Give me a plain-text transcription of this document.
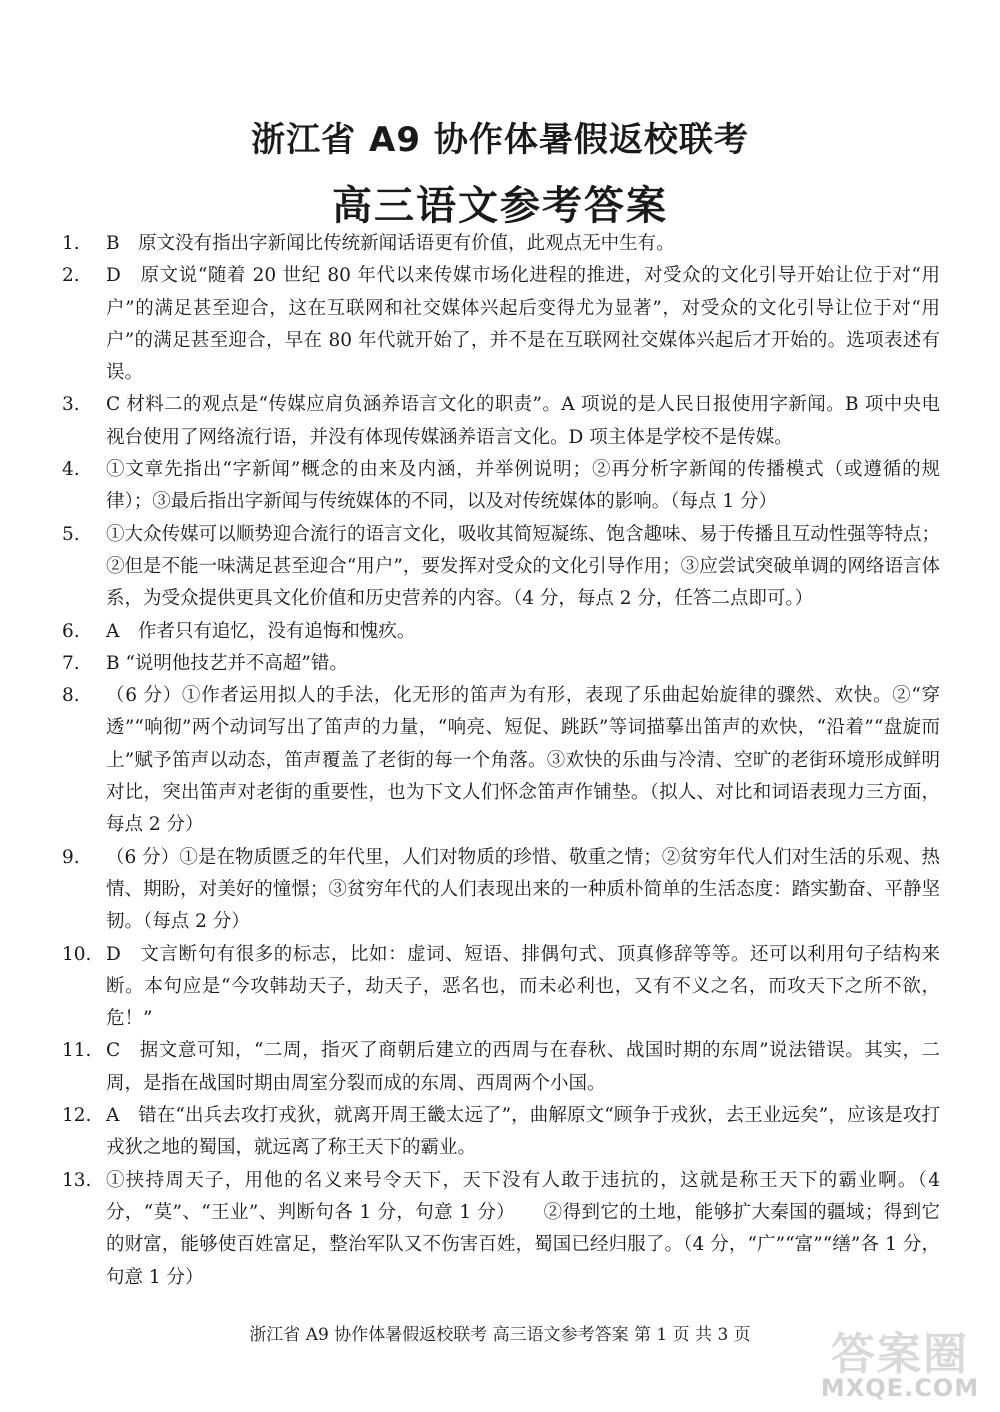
浙江省 A9 协作体暑假返校联考
高三语文参考答案
1.	B　原文没有指出字新闻比传统新闻话语更有价值，此观点无中生有。
2.	D　原文说“随着 20 世纪 80 年代以来传媒市场化进程的推进，对受众的文化引导开始让位于对“用户”的满足甚至迎合，这在互联网和社交媒体兴起后变得尤为显著”，对受众的文化引导让位于对“用户”的满足甚至迎合，早在 80 年代就开始了，并不是在互联网社交媒体兴起后才开始的。选项表述有误。
3.	C 材料二的观点是“传媒应肩负涵养语言文化的职责”。A 项说的是人民日报使用字新闻。B 项中央电视台使用了网络流行语，并没有体现传媒涵养语言文化。D 项主体是学校不是传媒。
4.	①文章先指出“字新闻”概念的由来及内涵，并举例说明；②再分析字新闻的传播模式（或遵循的规律）；③最后指出字新闻与传统媒体的不同，以及对传统媒体的影响。（每点 1 分）
5.	①大众传媒可以顺势迎合流行的语言文化，吸收其简短凝练、饱含趣味、易于传播且互动性强等特点；②但是不能一味满足甚至迎合“用户”，要发挥对受众的文化引导作用；③应尝试突破单调的网络语言体系，为受众提供更具文化价值和历史营养的内容。（4 分，每点 2 分，任答二点即可。）
6.	A　作者只有追忆，没有追悔和愧疚。
7.	B “说明他技艺并不高超”错。
8.	（6 分）①作者运用拟人的手法，化无形的笛声为有形，表现了乐曲起始旋律的骤然、欢快。②“穿透”“响彻”两个动词写出了笛声的力量，“响亮、短促、跳跃”等词描摹出笛声的欢快，“沿着”“盘旋而上”赋予笛声以动态，笛声覆盖了老街的每一个角落。③欢快的乐曲与冷清、空旷的老街环境形成鲜明对比，突出笛声对老街的重要性，也为下文人们怀念笛声作铺垫。（拟人、对比和词语表现力三方面，每点 2 分）
9.	（6 分）①是在物质匮乏的年代里，人们对物质的珍惜、敬重之情；②贫穷年代人们对生活的乐观、热情、期盼，对美好的憧憬；③贫穷年代的人们表现出来的一种质朴简单的生活态度：踏实勤奋、平静坚韧。（每点 2 分）
10. D　文言断句有很多的标志，比如：虚词、短语、排偶句式、顶真修辞等等。还可以利用句子结构来断。本句应是“今攻韩劫天子，劫天子，恶名也，而未必利也，又有不义之名，而攻天下之所不欲，危！”
11. C　据文意可知，“二周，指灭了商朝后建立的西周与在春秋、战国时期的东周”说法错误。其实，二周，是指在战国时期由周室分裂而成的东周、西周两个小国。
12. A　错在“出兵去攻打戎狄，就离开周王畿太远了”，曲解原文“顾争于戎狄，去王业远矣”，应该是攻打戎狄之地的蜀国，就远离了称王天下的霸业。
13. ①挟持周天子，用他的名义来号令天下，天下没有人敢于违抗的，这就是称王天下的霸业啊。（4 分，“莫”、“王业”、判断句各 1 分，句意 1 分）　　②得到它的土地，能够扩大秦国的疆域；得到它的财富，能够使百姓富足，整治军队又不伤害百姓，蜀国已经归服了。（4 分，“广”“富”“缮”各 1 分，句意 1 分）
浙江省 A9 协作体暑假返校联考 高三语文参考答案 第 1 页 共 3 页	答案圈
MXQE.COM
